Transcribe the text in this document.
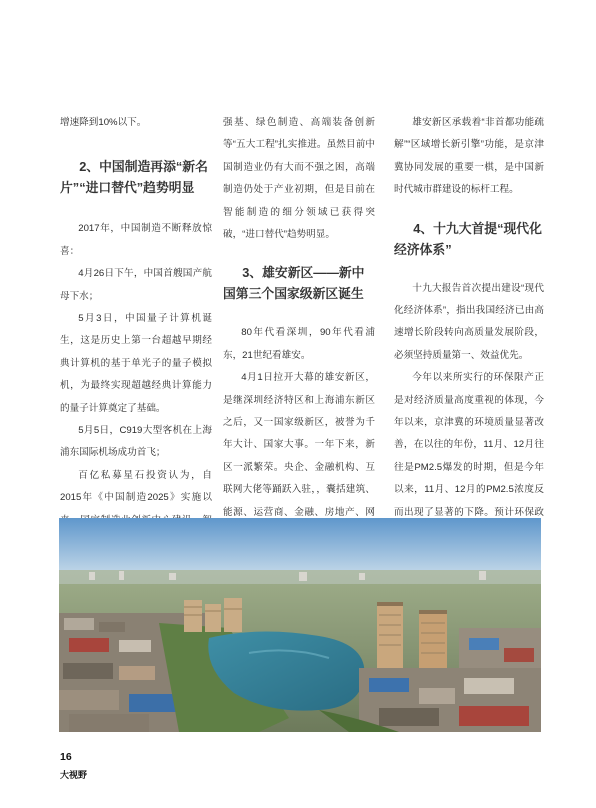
增速降到10%以下。

2、中国制造再添“新名片”“进口替代”趋势明显

2017年，中国制造不断释放惊喜：

4月26日下午，中国首艘国产航母下水；

5月3日，中国量子计算机诞生，这是历史上第一台超越早期经典计算机的基于单光子的量子模拟机，为最终实现超越经典计算能力的量子计算奠定了基础。

5月5日，C919大型客机在上海浦东国际机场成功首飞；

百亿私募星石投资认为，自2015年《中国制造2025》实施以

强基、绿色制造、高端装备创新等“五大工程”扎实推进。虽然目前中国制造业仍有大而不强之困，高端制造仍处于产业初期，但是目前在智能制造的细分领域已获得突破，“进口替代”趋势明显。

3、雄安新区——新中国第三个国家级新区诞生

80年代看深圳，90年代看浦东，21世纪看雄安。

4月1日拉开大幕的雄安新区，是继深圳经济特区和上海浦东新区之后，又一国家级新区，被誉为千年大计、国家大事。一年下来，新区一派繁荣。央企、金融机构、互联网大佬等踊跃入驻，，囊括建筑、能源、运营商、金融、房地产、网

雄安新区承载着“非首都功能疏解”“区域增长新引擎”功能，是京津冀协同发展的重要一棋，是中国新时代城市群建设的标杆工程。

4、十九大首提“现代化经济体系”

十九大报告首次提出建设“现代化经济体系”，指出我国经济已由高速增长阶段转向高质量发展阶段，必须坚持质量第一、效益优先。

今年以来所实行的环保限产正是对经济质量高度重视的体现，今年以来，京津冀的环境质量显著改善，在以往的年份，11月、12月往往是PM2.5爆发的时期，但是今年以来，11月、12月的PM2.5浓度反而出现了显著的下降。预计环保政

16
大视野
